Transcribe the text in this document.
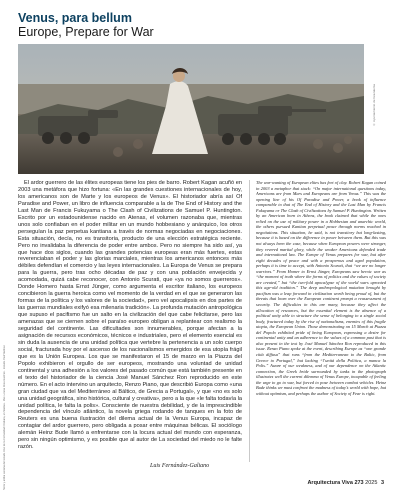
Norte y arriba ventana del Estado Cruz de la Comunidad Cristiana, en Mantua · Mus Lorena Rosa Guzman · Estudio Paul Wellnow
Venus, para bellum
Europe, Prepare for War
© Ayuntamiento de Grazalema
El ardor guerrero de las élites europeas tiene los pies de barro. Robert Kagan acuñó en 2003 una metáfora que hizo fortuna: «En las grandes cuestiones internacionales de hoy, los americanos son de Marte y los europeos de Venus». El historiador abría así Of Paradise and Power, un libro de influencia comparable a la de The End of History and the Last Man de Francis Fukuyama o The Clash of Civilizations de Samuel P. Huntington. Escrito por un estadounidense nacido en Atenas, el volumen razonaba que, mientras unos solo confiaban en el poder militar en un mundo hobbesiano y anárquico, los otros perseguían la paz perpetua kantiana a través de normas negociadas en negociaciones. Esta situación, decía, no es transitoria, producto de una elección estratégica reciente. Pero no invalidaba la diferencia de poder entre ambos. Pero no siempre ha sido así, ya que hace dos siglos, cuando las grandes potencias europeas eran más fuertes, estas reverenciaban el poder y las glorias marciales, mientras los americanos entonces más débiles defendían el comercio y las leyes internacionales. La Europa de Venus se prepara para la guerra, pero tras ocho décadas de paz y con una población envejecida y acomodada, quizá cabe reconocer, con Antonio Scurati, que «ya no somos guerreros». Donde Homero hasta Ernst Jünger, como argumenta el escritor italiano, los europeos concibieron la guerra heroica como vel momento de la verdad en el que se generaron las formas de la política y los valores de la sociedad», pero vel apocalipsis en dos partes de las guerras mundiales exifyó esa milenaria tradición». La profunda mutación antropológica que supuso el pacifismo fue un salto en la civilización del que cabe felicitarse, pero las amenazas que se ciernen sobre el paraíso europeo obligan a replantear con realismo la seguridad del continente. Las dificultades son innumerables, porque afectan a la asignación de recursos económicos, técnicos e industriales, pero el elemento esencial es sin duda la ausencia de una unidad política que vertebre la pertenencia a un solo cuerpo social, fracturada hoy por el ascenso de los nacionalismos emergidos de esa utopía frágil que es la Unión Europea. Los que se manifestaron el 15 de marzo en la Piazza del Popolo exhibieron el orgullo de ser europeos, mostrando una voluntad de unidad continental y una adhesión a los valores del pasado común que está también presente en el texto del historiador de la ciencia José Manuel Sánchez Ron reproducido en este número. En el acto intervino un arquitecto, Renzo Piano, que describió Europa como «una gran ciudad que va del Mediterráneo al Báltico, de Grecia a Portugal», y que «no es solo una unidad geográfica, sino histórica, cultural y creativa», pero a la que «le falta todavía la unidad política, le falta la polis». Consciente de nuestra debilidad, y de la imprescindible dependencia del vínculo atlántico, la novela griega rodando de tanques en la foto de Reuters es una buena ilustración del dilema actual de la Venus Europa, incapaz de contagiar del ardor guerrero, pero obligada a posar entre máquinas bélicas. El sociólogo alemán Heinz Bude llamó a enfrentarse con la locura actual del mundo con esperanza, pero sin ningún optimismo, y es posible que al autor de La sociedad del miedo no le falte razón.
Luis Fernández-Galiano
The war-wanting of European elites has feet of clay. Robert Kagan coined in 2003 a metaphor that stuck: “On major international questions today, Americans are from Mars and Europeans are from Venus.” This was the opening line of his Of Paradise and Power, a book of influence comparable to that of The End of History and the Last Man by Francis Fukuyama or The Clash of Civilizations by Samuel P. Huntington. Written by an American born in Athens, the book claimed that while the ones relied on the use of military power in a Hobbesian and anarchic world, the others pursued Kantian perpetual peace through norms reached in negotiations. This situation, he said, is not transitory but long-lasting, because it is based on the difference in power between them. But this was not always been the case, because when European powers were stronger, they revered martial glory, while the weaker Americans defended trade and international law. The Europe of Venus prepares for war, but after eight decades of peace and with a prosperous and aged population, perhaps it is time to accept, with Antonio Scurati, that “we are no longer warriors.” From Homer to Ernst Jünger, Europeans saw heroic war as “the moment of truth where the forms of politics and the values of society are created,” but “the two-fold apocalypse of the world wars uprooted this age-old tradition.” The deep anthropological mutation brought by pacifism was a leap forward in civilization worth being proud of, but the threats that loom over the European continent prompt a reassessment of security. The difficulties in this are many, because they affect the allocation of resources, but the essential element is the absence of a political unity able to structure the sense of belonging to a single social body, fractured today by the rise of nationalisms, enemies of this fragile utopia, the European Union. Those demonstrating on 15 March at Piazza del Popolo exhibited pride of being European, expressing a desire for continental unity and an adherence to the values of a common past that is also present in the text by José Manuel Sánchez Ron reproduced in this issue. Renzo Piano spoke at the event, describing Europe as “one grande città diffusa” that runs “from the Mediterranean to the Baltic, from Greece to Portugal,” but lacking “l’unità della Politica, a manca la Polis.” Aware of our weakness, and of our dependence on the Atlantic connection, the Greek bride surrounded by tanks in the photograph illustrates well the current dilemma of Venus Europe, incapable of feeling the urge to go to war, but forced to pose between combat vehicles. Heinz Bude thinks we must confront the madness of today’s world with hope, but without optimism, and perhaps the author of Society of Fear is right.
Arquitectura Viva 273 2025 3
